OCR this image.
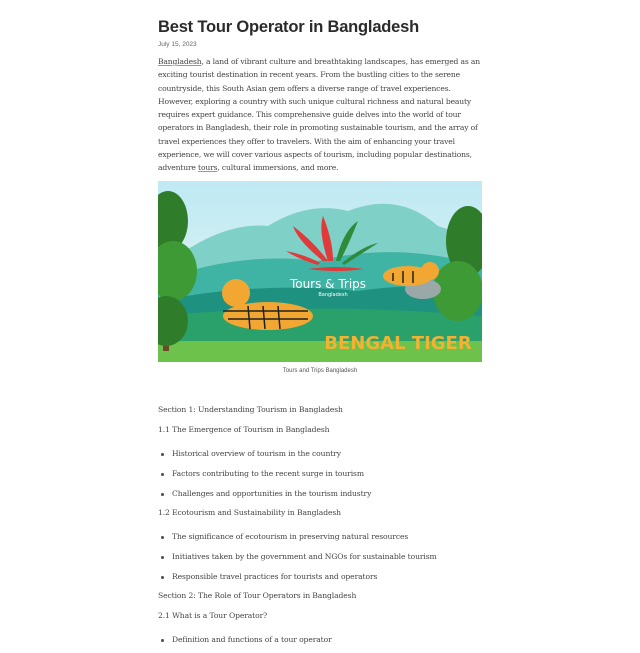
Best Tour Operator in Bangladesh
July 15, 2023

Bangladesh, a land of vibrant culture and breathtaking landscapes, has emerged as an exciting tourist destination in recent years. From the bustling cities to the serene countryside, this South Asian gem offers a diverse range of travel experiences. However, exploring a country with such unique cultural richness and natural beauty requires expert guidance. This comprehensive guide delves into the world of tour operators in Bangladesh, their role in promoting sustainable tourism, and the array of travel experiences they offer to travelers. With the aim of enhancing your travel experience, we will cover various aspects of tourism, including popular destinations, adventure tours, cultural immersions, and more.

Tours & Trips
Bangladesh
BENGAL TIGER
Tours and Trips Bangladesh

Section 1: Understanding Tourism in Bangladesh

1.1 The Emergence of Tourism in Bangladesh

Historical overview of tourism in the country
Factors contributing to the recent surge in tourism
Challenges and opportunities in the tourism industry

1.2 Ecotourism and Sustainability in Bangladesh

The significance of ecotourism in preserving natural resources
Initiatives taken by the government and NGOs for sustainable tourism
Responsible travel practices for tourists and operators

Section 2: The Role of Tour Operators in Bangladesh

2.1 What is a Tour Operator?

Definition and functions of a tour operator
